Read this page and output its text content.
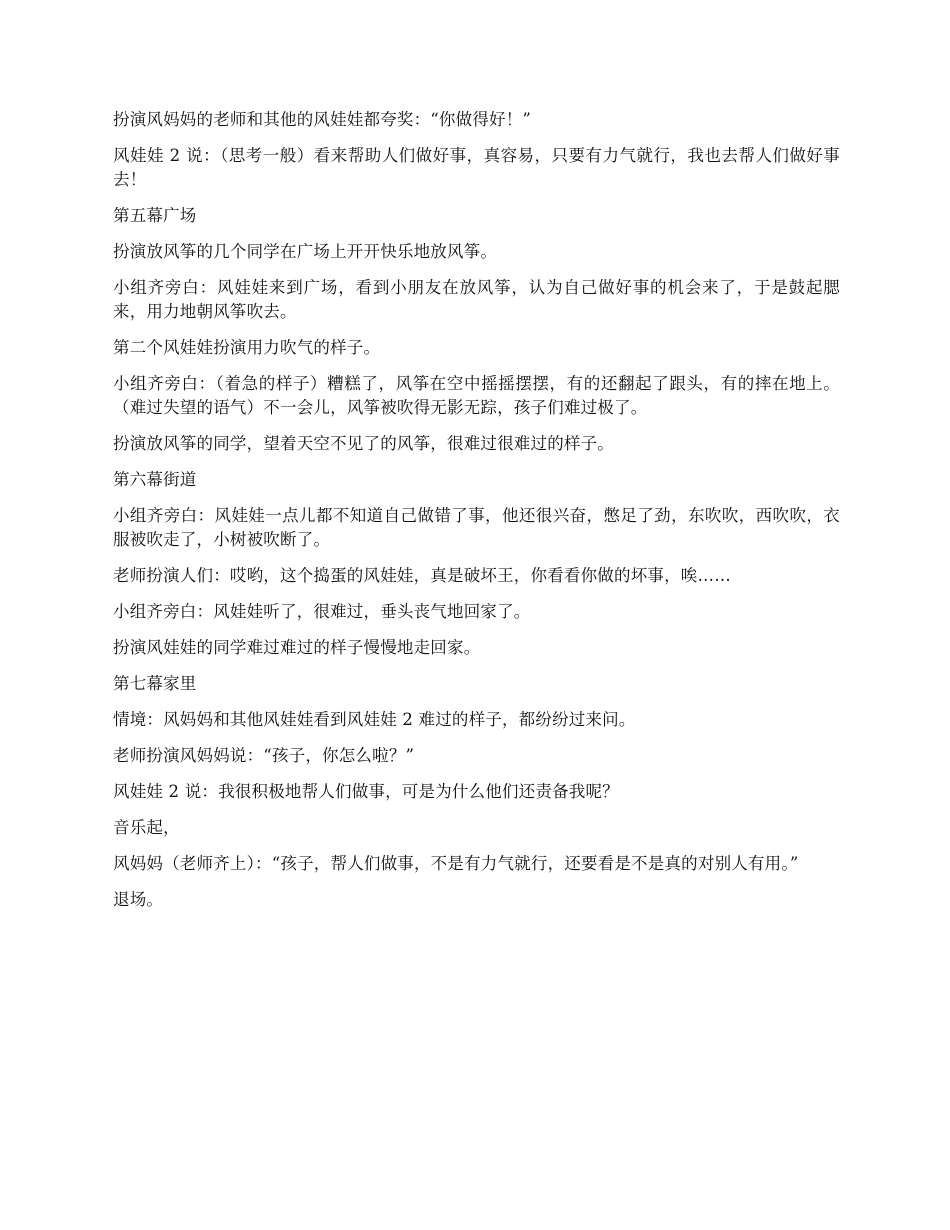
扮演风妈妈的老师和其他的风娃娃都夸奖：“你做得好！”

风娃娃 2 说：（思考一般）看来帮助人们做好事，真容易，只要有力气就行，我也去帮人们做好事去！

第五幕广场

扮演放风筝的几个同学在广场上开开快乐地放风筝。

小组齐旁白：风娃娃来到广场，看到小朋友在放风筝，认为自己做好事的机会来了，于是鼓起腮来，用力地朝风筝吹去。

第二个风娃娃扮演用力吹气的样子。

小组齐旁白：（着急的样子）糟糕了，风筝在空中摇摇摆摆，有的还翻起了跟头，有的摔在地上。（难过失望的语气）不一会儿，风筝被吹得无影无踪，孩子们难过极了。

扮演放风筝的同学，望着天空不见了的风筝，很难过很难过的样子。

第六幕街道

小组齐旁白：风娃娃一点儿都不知道自己做错了事，他还很兴奋，憋足了劲，东吹吹，西吹吹，衣服被吹走了，小树被吹断了。

老师扮演人们：哎哟，这个捣蛋的风娃娃，真是破坏王，你看看你做的坏事，唉……

小组齐旁白：风娃娃听了，很难过，垂头丧气地回家了。

扮演风娃娃的同学难过难过的样子慢慢地走回家。

第七幕家里

情境：风妈妈和其他风娃娃看到风娃娃 2 难过的样子，都纷纷过来问。

老师扮演风妈妈说：“孩子，你怎么啦？”

风娃娃 2 说：我很积极地帮人们做事，可是为什么他们还责备我呢？

音乐起，

风妈妈（老师齐上）：“孩子，帮人们做事，不是有力气就行，还要看是不是真的对别人有用。”

退场。
